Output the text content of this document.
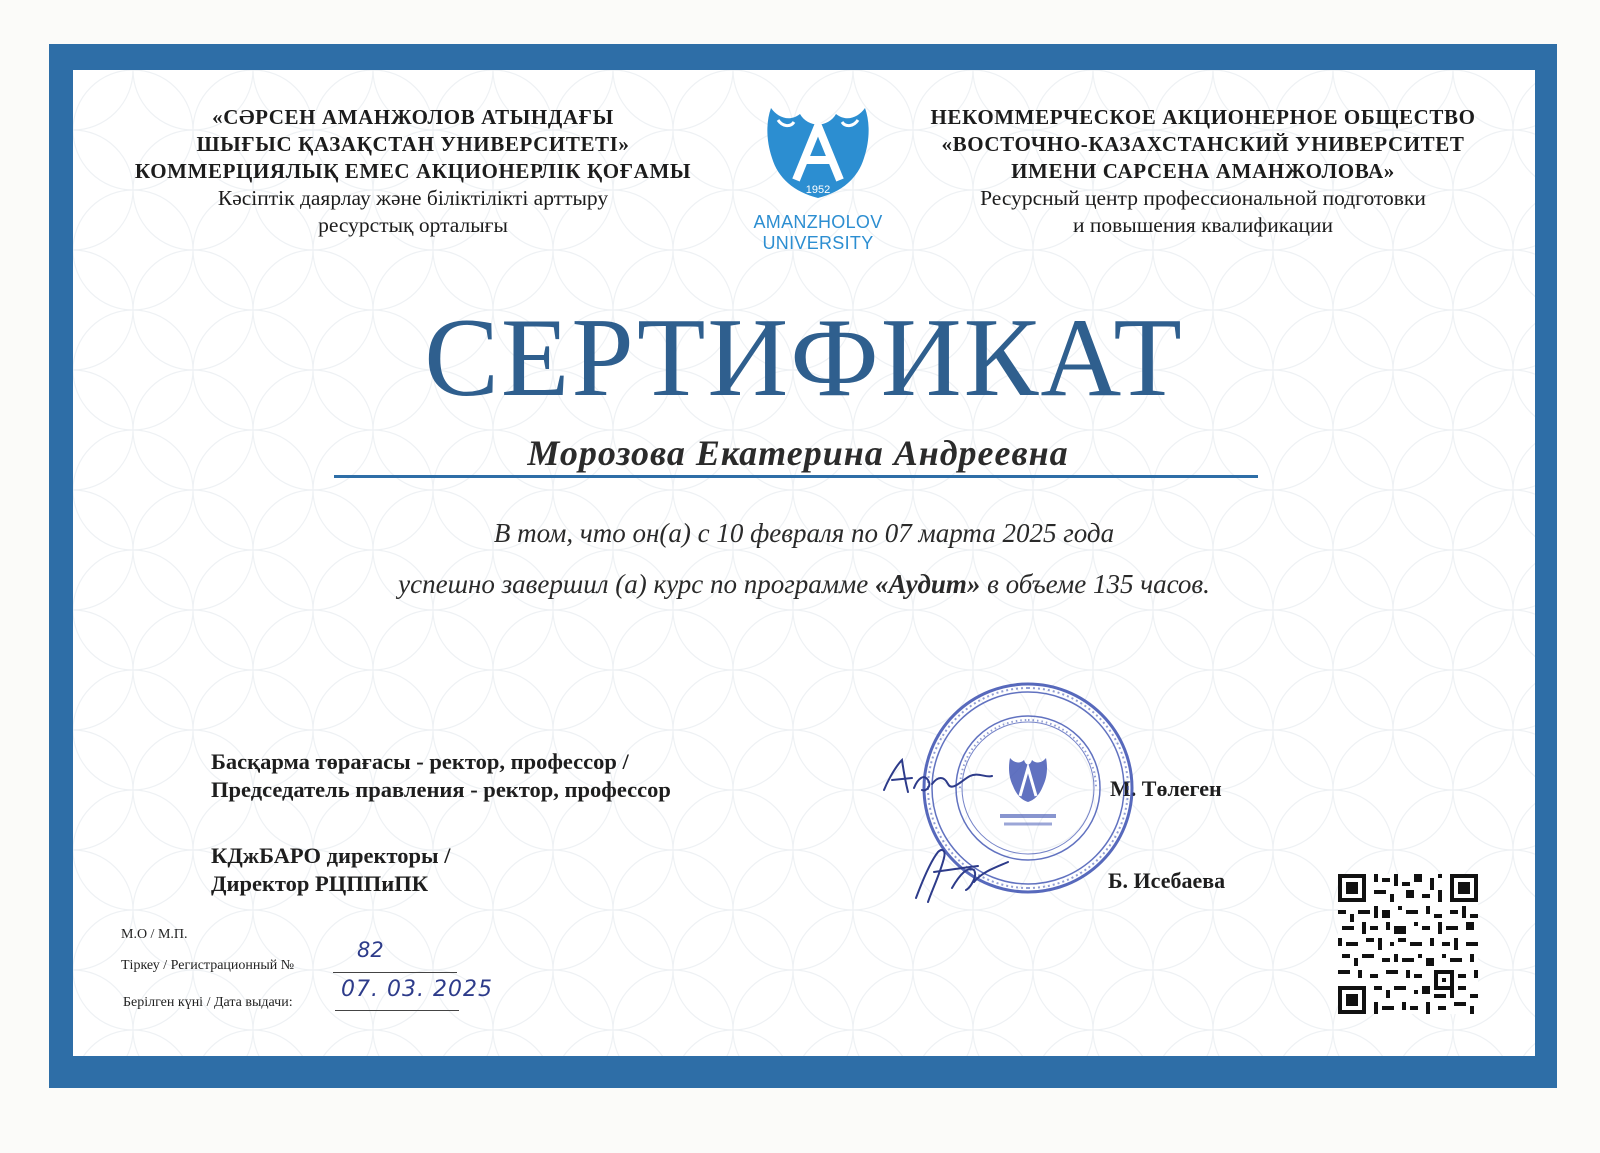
«СӘРСЕН АМАНЖОЛОВ АТЫНДАҒЫ
ШЫҒЫС ҚАЗАҚСТАН УНИВЕРСИТЕТІ»
КОММЕРЦИЯЛЫҚ ЕМЕС АКЦИОНЕРЛІК ҚОҒАМЫ
Кәсіптік даярлау және біліктілікті арттыру
ресурстық орталығы
1952
AMANZHOLOV
UNIVERSITY
НЕКОММЕРЧЕСКОЕ АКЦИОНЕРНОЕ ОБЩЕСТВО
«ВОСТОЧНО-КАЗАХСТАНСКИЙ УНИВЕРСИТЕТ
ИМЕНИ САРСЕНА АМАНЖОЛОВА»
Ресурсный центр профессиональной подготовки
и повышения квалификации
СЕРТИФИКАТ
Морозова Екатерина Андреевна
В том, что он(а) с 10 февраля по 07 марта 2025 года
успешно завершил (а) курс по программе «Аудит» в объеме 135 часов.
Басқарма төрағасы - ректор, профессор /
Председатель правления - ректор, профессор	М. Төлеген
КДжБАРО директоры /
Директор РЦППиПК	Б. Исебаева
М.О / М.П.
Тіркеу / Регистрационный №
82
Берілген күні / Дата выдачи:
07. 03. 2025
